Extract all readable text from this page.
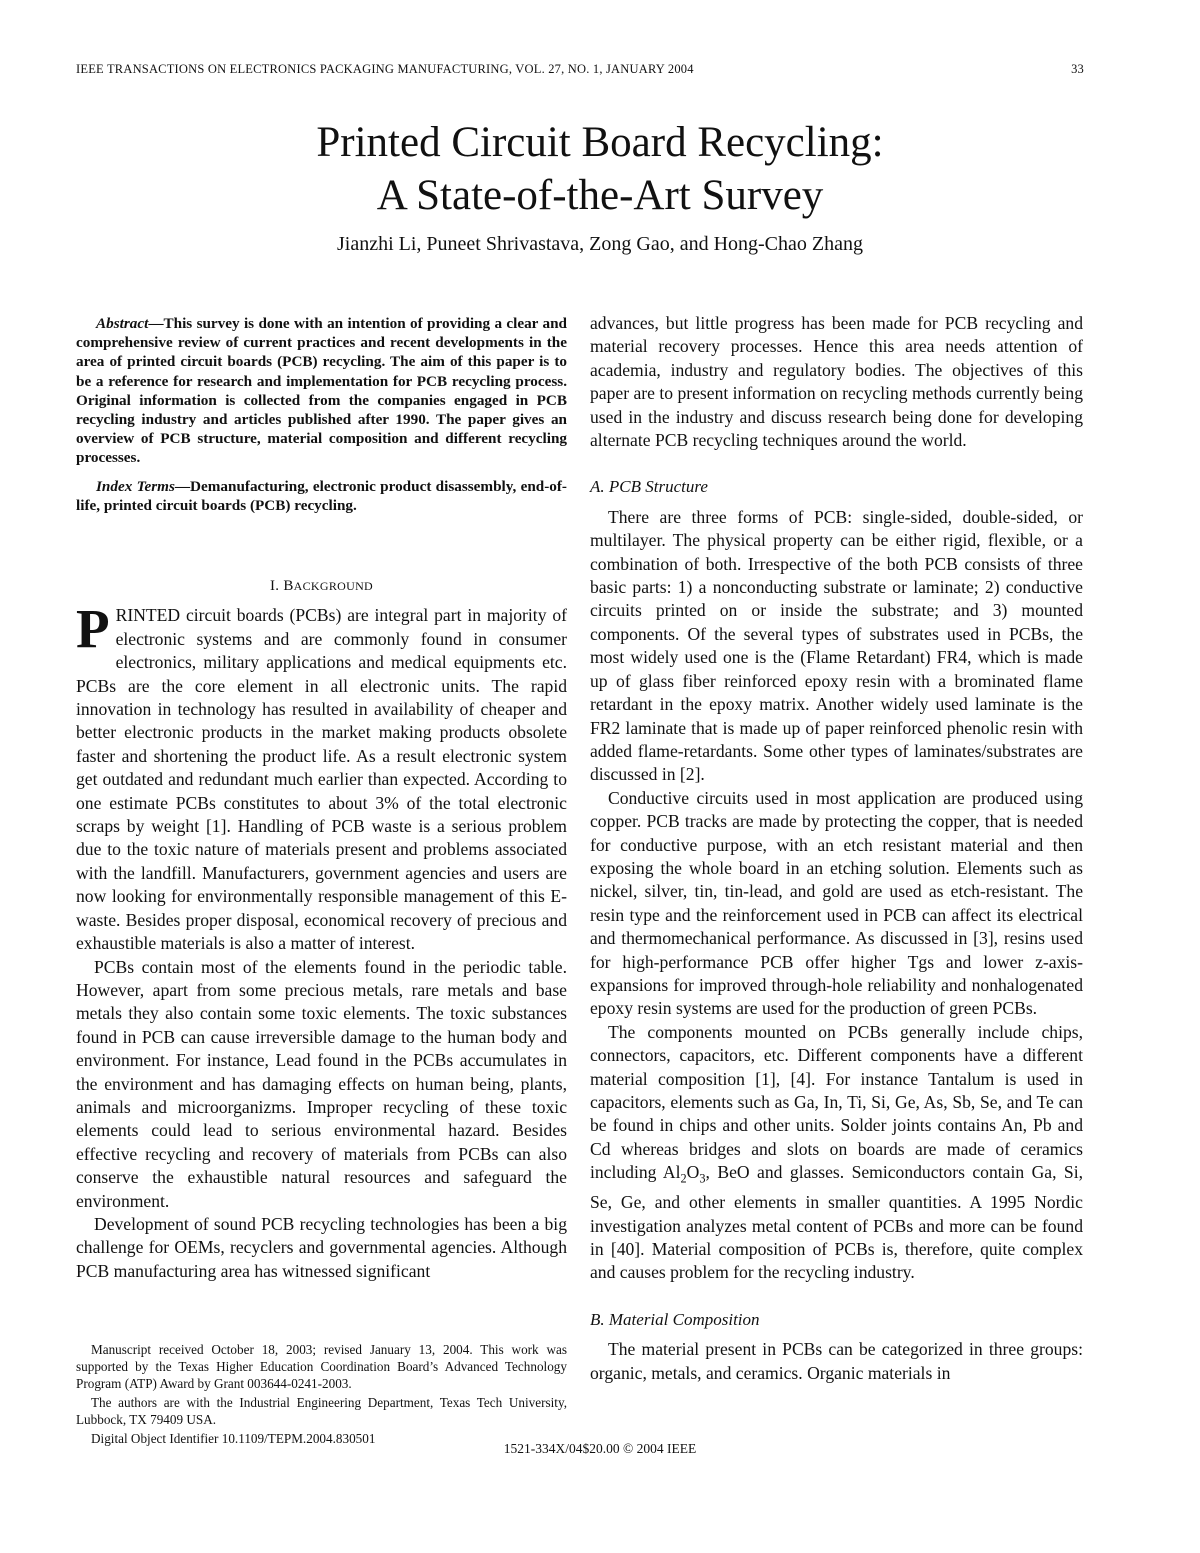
IEEE TRANSACTIONS ON ELECTRONICS PACKAGING MANUFACTURING, VOL. 27, NO. 1, JANUARY 2004	33
Printed Circuit Board Recycling:
A State-of-the-Art Survey
Jianzhi Li, Puneet Shrivastava, Zong Gao, and Hong-Chao Zhang

Abstract—This survey is done with an intention of providing a clear and comprehensive review of current practices and recent developments in the area of printed circuit boards (PCB) recycling. The aim of this paper is to be a reference for research and implementation for PCB recycling process. Original information is collected from the companies engaged in PCB recycling industry and articles published after 1990. The paper gives an overview of PCB structure, material composition and different recycling processes.

Index Terms—Demanufacturing, electronic product disassembly, end-of-life, printed circuit boards (PCB) recycling.

I. BACKGROUND

PRINTED circuit boards (PCBs) are integral part in majority of electronic systems and are commonly found in consumer electronics, military applications and medical equipments etc. PCBs are the core element in all electronic units. The rapid innovation in technology has resulted in availability of cheaper and better electronic products in the market making products obsolete faster and shortening the product life. As a result electronic system get outdated and redundant much earlier than expected. According to one estimate PCBs constitutes to about 3% of the total electronic scraps by weight [1]. Handling of PCB waste is a serious problem due to the toxic nature of materials present and problems associated with the landfill. Manufacturers, government agencies and users are now looking for environmentally responsible management of this E-waste. Besides proper disposal, economical recovery of precious and exhaustible materials is also a matter of interest.

PCBs contain most of the elements found in the periodic table. However, apart from some precious metals, rare metals and base metals they also contain some toxic elements. The toxic substances found in PCB can cause irreversible damage to the human body and environment. For instance, Lead found in the PCBs accumulates in the environment and has damaging effects on human being, plants, animals and microorganizms. Improper recycling of these toxic elements could lead to serious environmental hazard. Besides effective recycling and recovery of materials from PCBs can also conserve the exhaustible natural resources and safeguard the environment.

Development of sound PCB recycling technologies has been a big challenge for OEMs, recyclers and governmental agencies. Although PCB manufacturing area has witnessed significant

Manuscript received October 18, 2003; revised January 13, 2004. This work was supported by the Texas Higher Education Coordination Board’s Advanced Technology Program (ATP) Award by Grant 003644-0241-2003.

The authors are with the Industrial Engineering Department, Texas Tech University, Lubbock, TX 79409 USA.

Digital Object Identifier 10.1109/TEPM.2004.830501

advances, but little progress has been made for PCB recycling and material recovery processes. Hence this area needs attention of academia, industry and regulatory bodies. The objectives of this paper are to present information on recycling methods currently being used in the industry and discuss research being done for developing alternate PCB recycling techniques around the world.

A. PCB Structure

There are three forms of PCB: single-sided, double-sided, or multilayer. The physical property can be either rigid, flexible, or a combination of both. Irrespective of the both PCB consists of three basic parts: 1) a nonconducting substrate or laminate; 2) conductive circuits printed on or inside the substrate; and 3) mounted components. Of the several types of substrates used in PCBs, the most widely used one is the (Flame Retardant) FR4, which is made up of glass fiber reinforced epoxy resin with a brominated flame retardant in the epoxy matrix. Another widely used laminate is the FR2 laminate that is made up of paper reinforced phenolic resin with added flame-retardants. Some other types of laminates/substrates are discussed in [2].

Conductive circuits used in most application are produced using copper. PCB tracks are made by protecting the copper, that is needed for conductive purpose, with an etch resistant material and then exposing the whole board in an etching solution. Elements such as nickel, silver, tin, tin-lead, and gold are used as etch-resistant. The resin type and the reinforcement used in PCB can affect its electrical and thermomechanical performance. As discussed in [3], resins used for high-performance PCB offer higher Tgs and lower z-axis-expansions for improved through-hole reliability and nonhalogenated epoxy resin systems are used for the production of green PCBs.

The components mounted on PCBs generally include chips, connectors, capacitors, etc. Different components have a different material composition [1], [4]. For instance Tantalum is used in capacitors, elements such as Ga, In, Ti, Si, Ge, As, Sb, Se, and Te can be found in chips and other units. Solder joints contains An, Pb and Cd whereas bridges and slots on boards are made of ceramics including $Al_2O_3$, BeO and glasses. Semiconductors contain Ga, Si, Se, Ge, and other elements in smaller quantities. A 1995 Nordic investigation analyzes metal content of PCBs and more can be found in [40]. Material composition of PCBs is, therefore, quite complex and causes problem for the recycling industry.

B. Material Composition

The material present in PCBs can be categorized in three groups: organic, metals, and ceramics. Organic materials in

1521-334X/04$20.00 © 2004 IEEE
